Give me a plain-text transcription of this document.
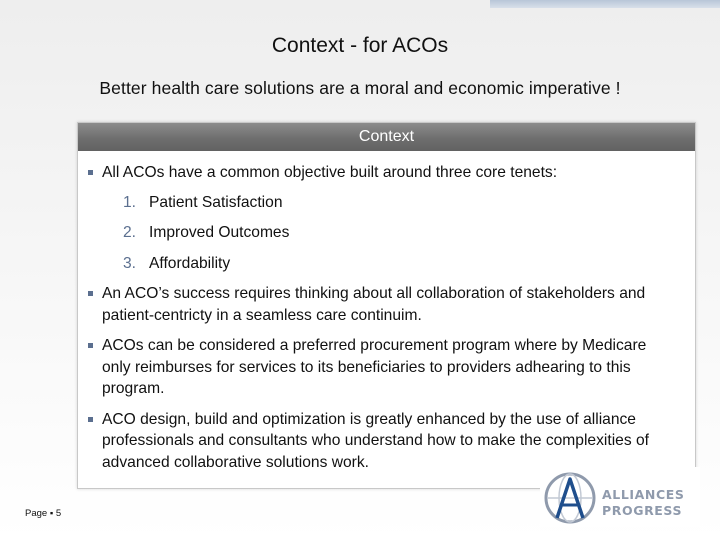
Context - for ACOs
Better health care solutions are a moral and economic imperative !
Context
All ACOs have a common objective built around three core tenets:
1. Patient Satisfaction
2. Improved Outcomes
3. Affordability
An ACO’s success requires thinking about all collaboration of stakeholders and patient-centricty in a seamless care continuim.
ACOs can be considered a preferred procurement program where by Medicare only reimburses for services to its beneficiaries to providers adhearing to this program.
ACO design, build and optimization is greatly enhanced by the use of alliance professionals and consultants who understand how to make the complexities of advanced collaborative solutions work.
Page ▪ 5
ALLIANCES
PROGRESS
